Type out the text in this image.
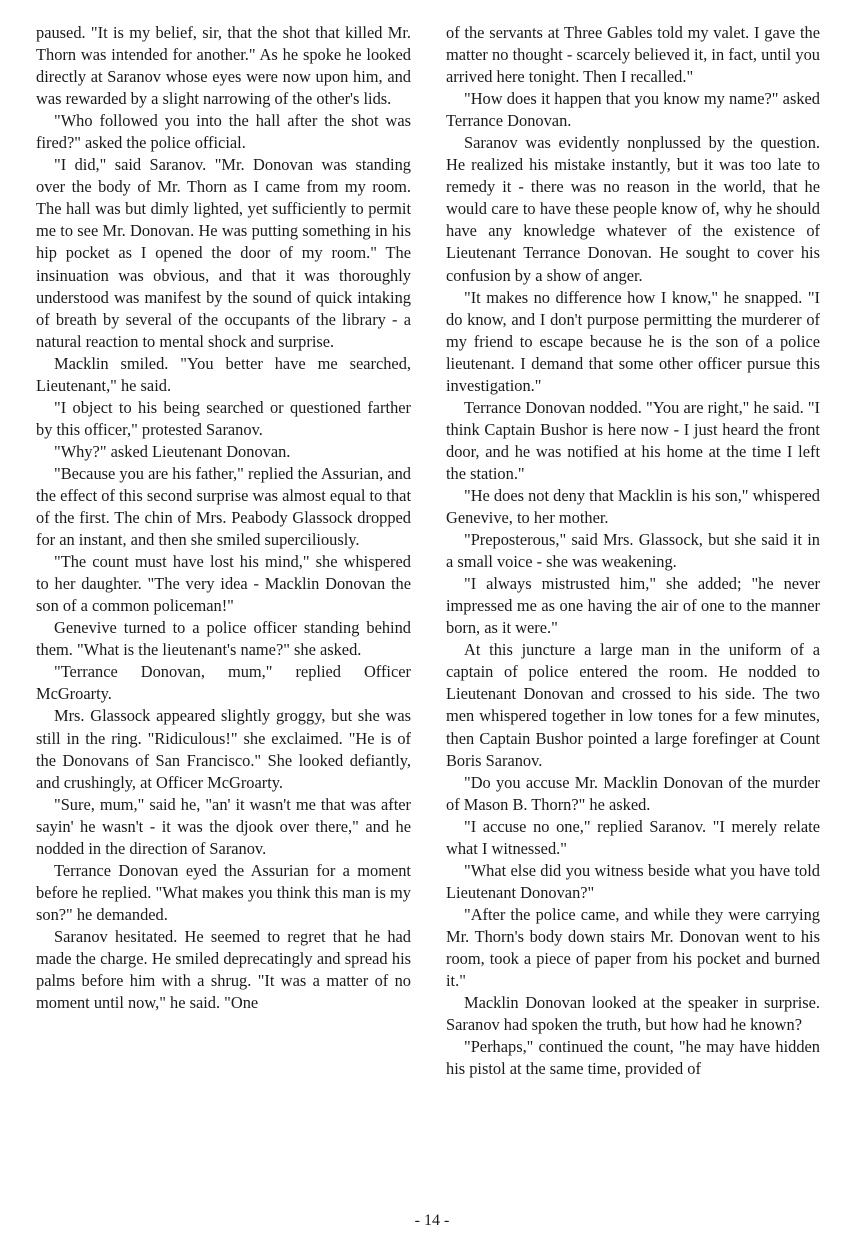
paused. "It is my belief, sir, that the shot that killed Mr. Thorn was intended for another." As he spoke he looked directly at Saranov whose eyes were now upon him, and was rewarded by a slight narrowing of the other's lids.

"Who followed you into the hall after the shot was fired?" asked the police official.

"I did," said Saranov. "Mr. Donovan was standing over the body of Mr. Thorn as I came from my room. The hall was but dimly lighted, yet sufficiently to permit me to see Mr. Donovan. He was putting something in his hip pocket as I opened the door of my room." The insinuation was obvious, and that it was thoroughly understood was manifest by the sound of quick intaking of breath by several of the occupants of the library - a natural reaction to mental shock and surprise.

Macklin smiled. "You better have me searched, Lieutenant," he said.

"I object to his being searched or questioned farther by this officer," protested Saranov.

"Why?" asked Lieutenant Donovan.

"Because you are his father," replied the Assurian, and the effect of this second surprise was almost equal to that of the first. The chin of Mrs. Peabody Glassock dropped for an instant, and then she smiled superciliously.

"The count must have lost his mind," she whispered to her daughter. "The very idea - Macklin Donovan the son of a common policeman!"

Genevive turned to a police officer standing behind them. "What is the lieutenant's name?" she asked.

"Terrance Donovan, mum," replied Officer McGroarty.

Mrs. Glassock appeared slightly groggy, but she was still in the ring. "Ridiculous!" she exclaimed. "He is of the Donovans of San Francisco." She looked defiantly, and crushingly, at Officer McGroarty.

"Sure, mum," said he, "an' it wasn't me that was after sayin' he wasn't - it was the djook over there," and he nodded in the direction of Saranov.

Terrance Donovan eyed the Assurian for a moment before he replied. "What makes you think this man is my son?" he demanded.

Saranov hesitated. He seemed to regret that he had made the charge. He smiled deprecatingly and spread his palms before him with a shrug. "It was a matter of no moment until now," he said. "One

of the servants at Three Gables told my valet. I gave the matter no thought - scarcely believed it, in fact, until you arrived here tonight. Then I recalled."

"How does it happen that you know my name?" asked Terrance Donovan.

Saranov was evidently nonplussed by the question. He realized his mistake instantly, but it was too late to remedy it - there was no reason in the world, that he would care to have these people know of, why he should have any knowledge whatever of the existence of Lieutenant Terrance Donovan. He sought to cover his confusion by a show of anger.

"It makes no difference how I know," he snapped. "I do know, and I don't purpose permitting the murderer of my friend to escape because he is the son of a police lieutenant. I demand that some other officer pursue this investigation."

Terrance Donovan nodded. "You are right," he said. "I think Captain Bushor is here now - I just heard the front door, and he was notified at his home at the time I left the station."

"He does not deny that Macklin is his son," whispered Genevive, to her mother.

"Preposterous," said Mrs. Glassock, but she said it in a small voice - she was weakening.

"I always mistrusted him," she added; "he never impressed me as one having the air of one to the manner born, as it were."

At this juncture a large man in the uniform of a captain of police entered the room. He nodded to Lieutenant Donovan and crossed to his side. The two men whispered together in low tones for a few minutes, then Captain Bushor pointed a large forefinger at Count Boris Saranov.

"Do you accuse Mr. Macklin Donovan of the murder of Mason B. Thorn?" he asked.

"I accuse no one," replied Saranov. "I merely relate what I witnessed."

"What else did you witness beside what you have told Lieutenant Donovan?"

"After the police came, and while they were carrying Mr. Thorn's body down stairs Mr. Donovan went to his room, took a piece of paper from his pocket and burned it."

Macklin Donovan looked at the speaker in surprise. Saranov had spoken the truth, but how had he known?

"Perhaps," continued the count, "he may have hidden his pistol at the same time, provided of

- 14 -
